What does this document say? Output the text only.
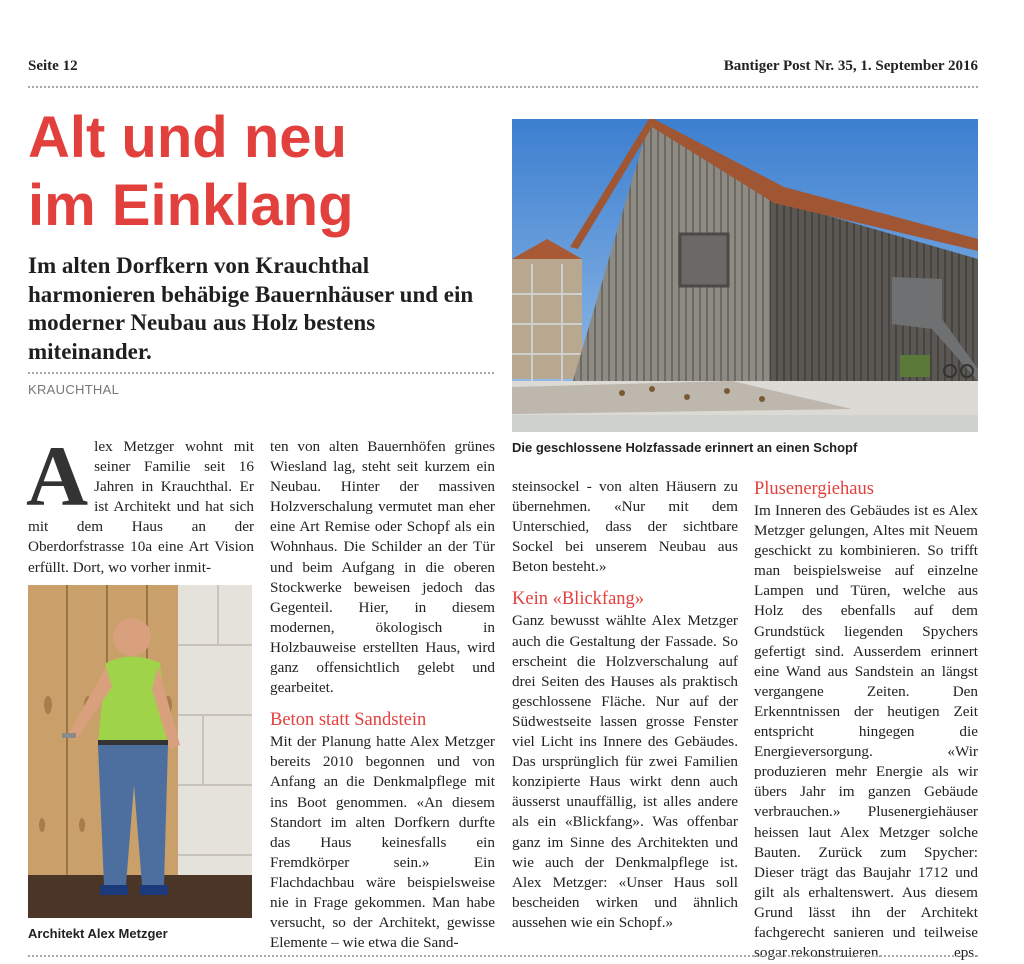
Seite 12	Bantiger Post Nr. 35, 1. September 2016
Alt und neu
im Einklang

Im alten Dorfkern von Krauchthal harmonieren behäbige Bauernhäuser und ein moderner Neubau aus Holz bestens miteinander.

KRAUCHTHAL
Die geschlossene Holzfassade erinnert an einen Schopf

Alex Metzger wohnt mit seiner Familie seit 16 Jahren in Krauchthal. Er ist Architekt und hat sich mit dem Haus an der Oberdorfstrasse 10a eine Art Vision erfüllt. Dort, wo vorher inmit-

Architekt Alex Metzger

ten von alten Bauernhöfen grünes Wiesland lag, steht seit kurzem ein Neubau. Hinter der massiven Holzverschalung vermutet man eher eine Art Remise oder Schopf als ein Wohnhaus. Die Schilder an der Tür und beim Aufgang in die oberen Stockwerke beweisen jedoch das Gegenteil. Hier, in diesem modernen, ökologisch in Holzbauweise erstellten Haus, wird ganz offensichtlich gelebt und gearbeitet.

Beton statt Sandstein

Mit der Planung hatte Alex Metzger bereits 2010 begonnen und von Anfang an die Denkmalpflege mit ins Boot genommen. «An diesem Standort im alten Dorfkern durfte das Haus keinesfalls ein Fremdkörper sein.» Ein Flachdachbau wäre beispielsweise nie in Frage gekommen. Man habe versucht, so der Architekt, gewisse Elemente – wie etwa die Sand-

steinsockel - von alten Häusern zu übernehmen. «Nur mit dem Unterschied, dass der sichtbare Sockel bei unserem Neubau aus Beton besteht.»

Kein «Blickfang»

Ganz bewusst wählte Alex Metzger auch die Gestaltung der Fassade. So erscheint die Holzverschalung auf drei Seiten des Hauses als praktisch geschlossene Fläche. Nur auf der Südwestseite lassen grosse Fenster viel Licht ins Innere des Gebäudes. Das ursprünglich für zwei Familien konzipierte Haus wirkt denn auch äusserst unauffällig, ist alles andere als ein «Blickfang». Was offenbar ganz im Sinne des Architekten und wie auch der Denkmalpflege ist. Alex Metzger: «Unser Haus soll bescheiden wirken und ähnlich aussehen wie ein Schopf.»

Plusenergiehaus

Im Inneren des Gebäudes ist es Alex Metzger gelungen, Altes mit Neuem geschickt zu kombinieren. So trifft man beispielsweise auf einzelne Lampen und Türen, welche aus Holz des ebenfalls auf dem Grundstück liegenden Spychers gefertigt sind. Ausserdem erinnert eine Wand aus Sandstein an längst vergangene Zeiten. Den Erkenntnissen der heutigen Zeit entspricht hingegen die Energieversorgung. «Wir produzieren mehr Energie als wir übers Jahr im ganzen Gebäude verbrauchen.» Plusenergiehäuser heissen laut Alex Metzger solche Bauten. Zurück zum Spycher: Dieser trägt das Baujahr 1712 und gilt als erhaltenswert. Aus diesem Grund lässt ihn der Architekt fachgerecht sanieren und teilweise sogar rekonstruieren.	eps.
